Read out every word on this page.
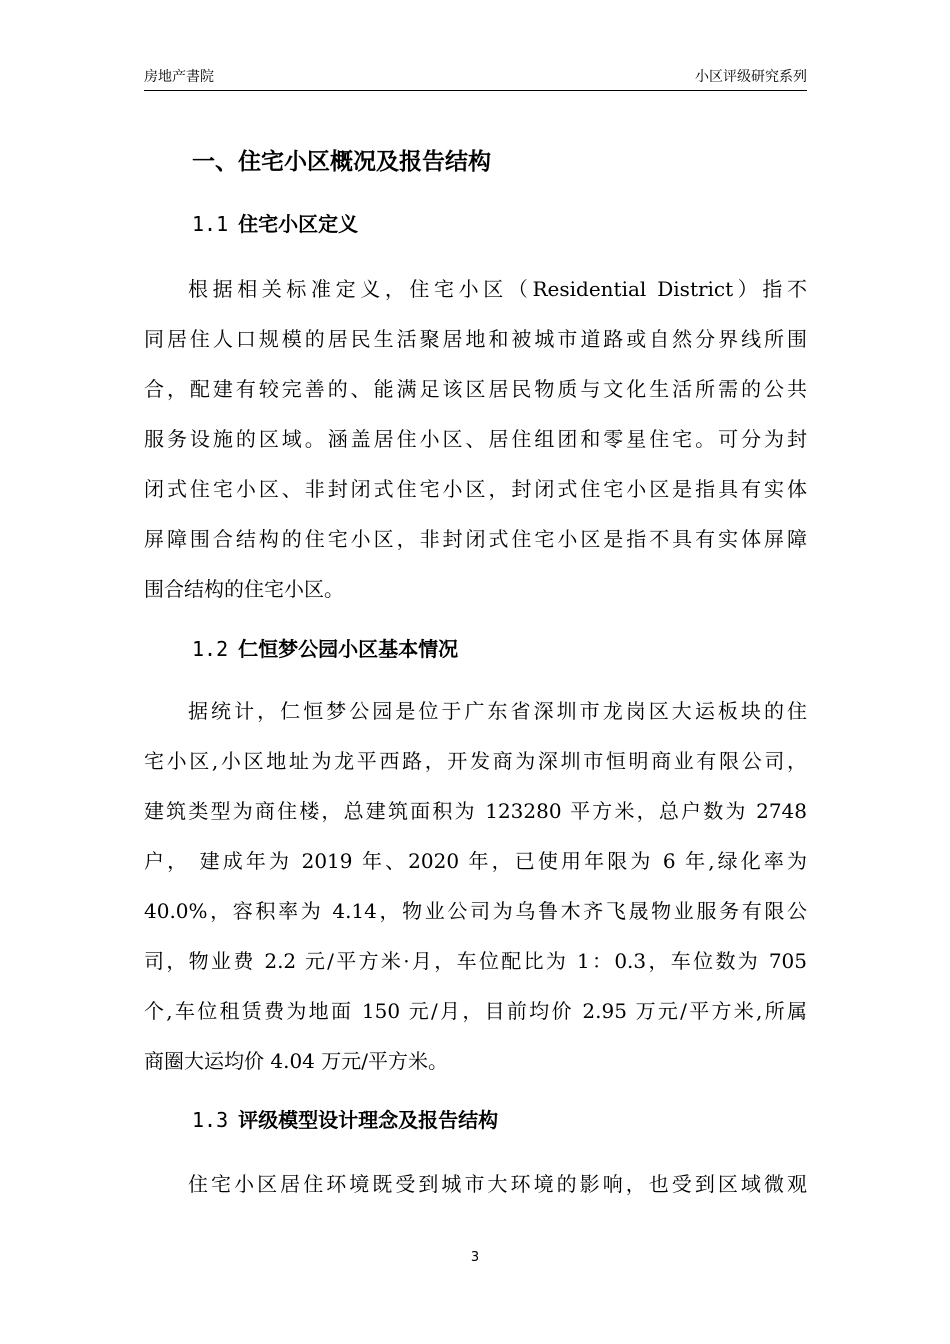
房地产書院	小区评级研究系列
一、住宅小区概况及报告结构
1.1 住宅小区定义
根据相关标准定义，住宅小区（Residential District）指不
同居住人口规模的居民生活聚居地和被城市道路或自然分界线所围
合，配建有较完善的、能满足该区居民物质与文化生活所需的公共
服务设施的区域。涵盖居住小区、居住组团和零星住宅。可分为封
闭式住宅小区、非封闭式住宅小区，封闭式住宅小区是指具有实体
屏障围合结构的住宅小区，非封闭式住宅小区是指不具有实体屏障
围合结构的住宅小区。
1.2 仁恒梦公园小区基本情况
据统计，仁恒梦公园是位于广东省深圳市龙岗区大运板块的住
宅小区,小区地址为龙平西路，开发商为深圳市恒明商业有限公司，
建筑类型为商住楼，总建筑面积为 123280 平方米，总户数为 2748
户， 建成年为 2019 年、2020 年，已使用年限为 6 年,绿化率为
40.0%，容积率为 4.14，物业公司为乌鲁木齐飞晟物业服务有限公
司，物业费 2.2 元/平方米·月，车位配比为 1：0.3，车位数为 705
个,车位租赁费为地面 150 元/月，目前均价 2.95 万元/平方米,所属
商圈大运均价 4.04 万元/平方米。
1.3 评级模型设计理念及报告结构
住宅小区居住环境既受到城市大环境的影响，也受到区域微观
3
